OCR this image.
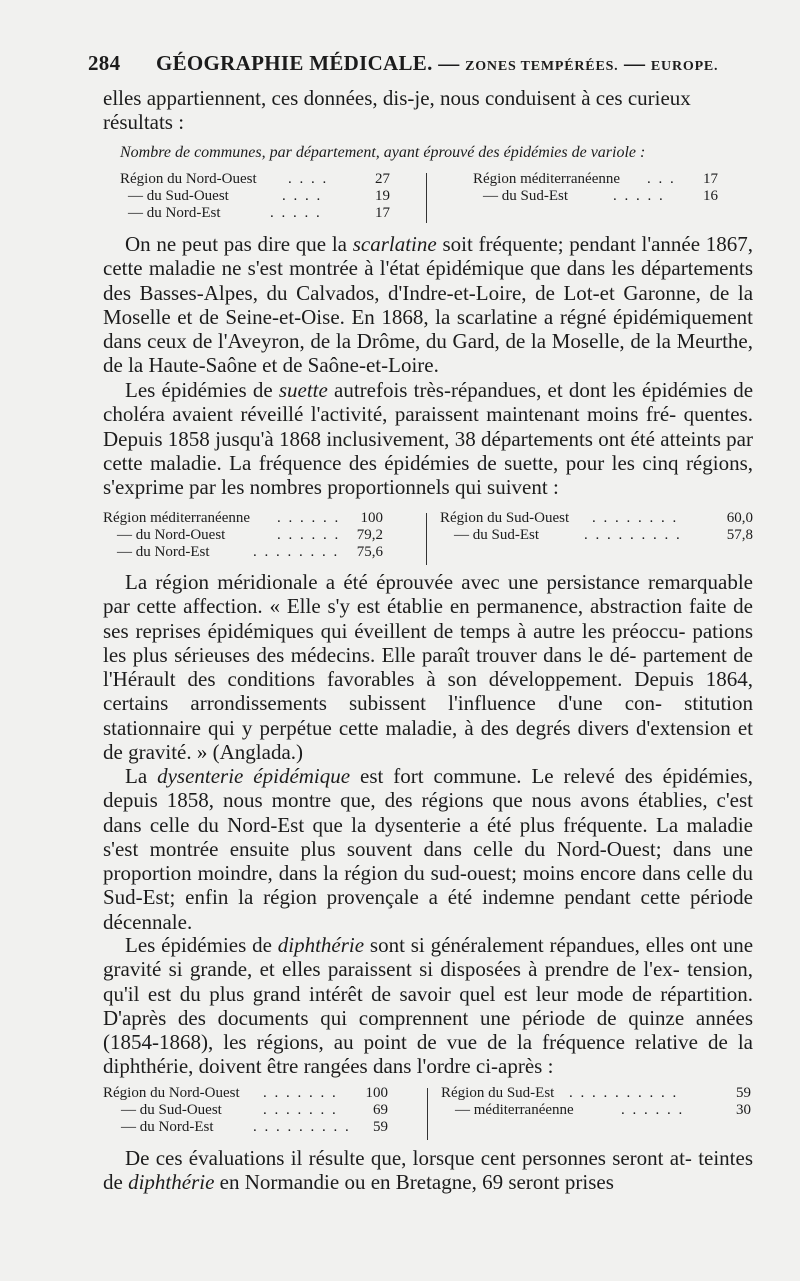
284 GÉOGRAPHIE MÉDICALE. — ZONES TEMPÉRÉES. — EUROPE.

elles appartiennent, ces données, dis-je, nous conduisent à ces curieux
résultats :

Nombre de communes, par département, ayant éprouvé des épidémies de variole :
Région du Nord-Ouest . . . .	27
— du Sud-Ouest	. . . .	19
— du Nord-Est	. . . . .	17
Région méditerranéenne . . . 17
— du Sud-Est	. . . . .	16

On ne peut pas dire que la scarlatine soit fréquente; pendant l'année 1867, cette maladie ne s'est montrée à l'état épidémique que dans les départements des Basses-Alpes, du Calvados, d'Indre-et-Loire, de Lot-et Garonne, de la Moselle et de Seine-et-Oise. En 1868, la scarlatine a régné épidémiquement dans ceux de l'Aveyron, de la Drôme, du Gard, de la Moselle, de la Meurthe, de la Haute-Saône et de Saône-et-Loire.

Les épidémies de suette autrefois très-répandues, et dont les épidémies de choléra avaient réveillé l'activité, paraissent maintenant moins fré- quentes. Depuis 1858 jusqu'à 1868 inclusivement, 38 départements ont été atteints par cette maladie. La fréquence des épidémies de suette, pour les cinq régions, s'exprime par les nombres proportionnels qui suivent :

Région méditerranéenne . . . . . . 100
— du Nord-Ouest	. . . . . . 79,2
— du Nord-Est	. . . . . . . . 75,6
Région du Sud-Ouest . . . . . . . .	60,0
— du Sud-Est	. . . . . . . . .	57,8

La région méridionale a été éprouvée avec une persistance remarquable par cette affection. « Elle s'y est établie en permanence, abstraction faite de ses reprises épidémiques qui éveillent de temps à autre les préoccu- pations les plus sérieuses des médecins. Elle paraît trouver dans le dé- partement de l'Hérault des conditions favorables à son développement. Depuis 1864, certains arrondissements subissent l'influence d'une con- stitution stationnaire qui y perpétue cette maladie, à des degrés divers d'extension et de gravité. » (Anglada.)

La dysenterie épidémique est fort commune. Le relevé des épidémies, depuis 1858, nous montre que, des régions que nous avons établies, c'est dans celle du Nord-Est que la dysenterie a été plus fréquente. La maladie s'est montrée ensuite plus souvent dans celle du Nord-Ouest; dans une proportion moindre, dans la région du sud-ouest; moins encore dans celle du Sud-Est; enfin la région provençale a été indemne pendant cette période décennale.

Les épidémies de diphthérie sont si généralement répandues, elles ont une gravité si grande, et elles paraissent si disposées à prendre de l'ex- tension, qu'il est du plus grand intérêt de savoir quel est leur mode de répartition. D'après des documents qui comprennent une période de quinze années (1854-1868), les régions, au point de vue de la fréquence relative de la diphthérie, doivent être rangées dans l'ordre ci-après :

Région du Nord-Ouest . . . . . . . 100
— du Sud-Ouest	. . . . . . . 69
— du Nord-Est	. . . . . . . . . 59
Région du Sud-Est . . . . . . . . . .	59
— méditerranéenne	. . . . . .	30

De ces évaluations il résulte que, lorsque cent personnes seront at- teintes de diphthérie en Normandie ou en Bretagne, 69 seront prises
